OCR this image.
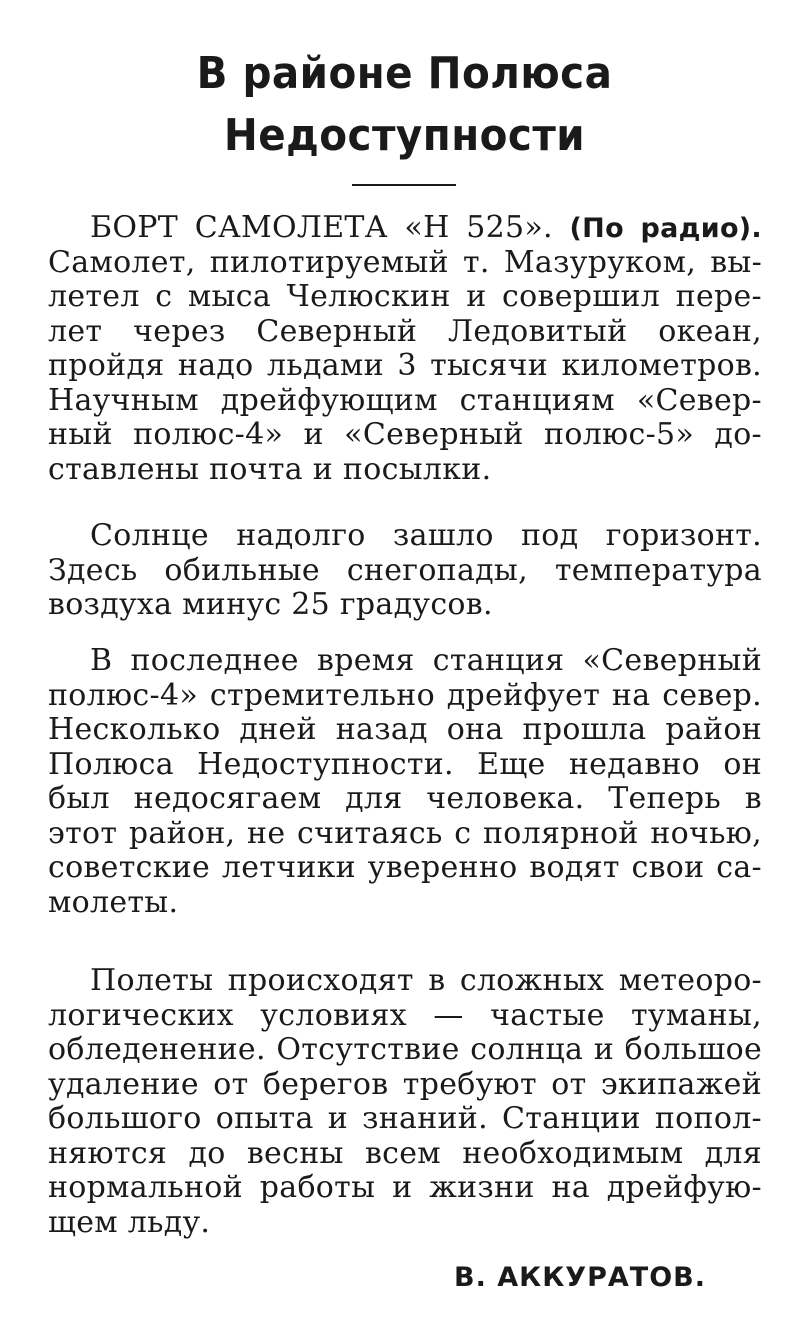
В районе Полюса
Недоступности
БОРТ САМОЛЕТА «Н 525». (По радио).
Самолет, пилотируемый т. Мазуруком, вы-
летел с мыса Челюскин и совершил пере-
лет через Северный Ледовитый океан,
пройдя надо льдами 3 тысячи километров.
Научным дрейфующим станциям «Север-
ный полюс-4» и «Северный полюс-5» до-
ставлены почта и посылки.
Солнце надолго зашло под горизонт.
Здесь обильные снегопады, температура
воздуха минус 25 градусов.
В последнее время станция «Северный
полюс-4» стремительно дрейфует на север.
Несколько дней назад она прошла район
Полюса Недоступности. Еще недавно он
был недосягаем для человека. Теперь в
этот район, не считаясь с полярной ночью,
советские летчики уверенно водят свои са-
молеты.
Полеты происходят в сложных метеоро-
логических условиях — частые туманы,
обледенение. Отсутствие солнца и большое
удаление от берегов требуют от экипажей
большого опыта и знаний. Станции попол-
няются до весны всем необходимым для
нормальной работы и жизни на дрейфую-
щем льду.
В. АККУРАТОВ.
